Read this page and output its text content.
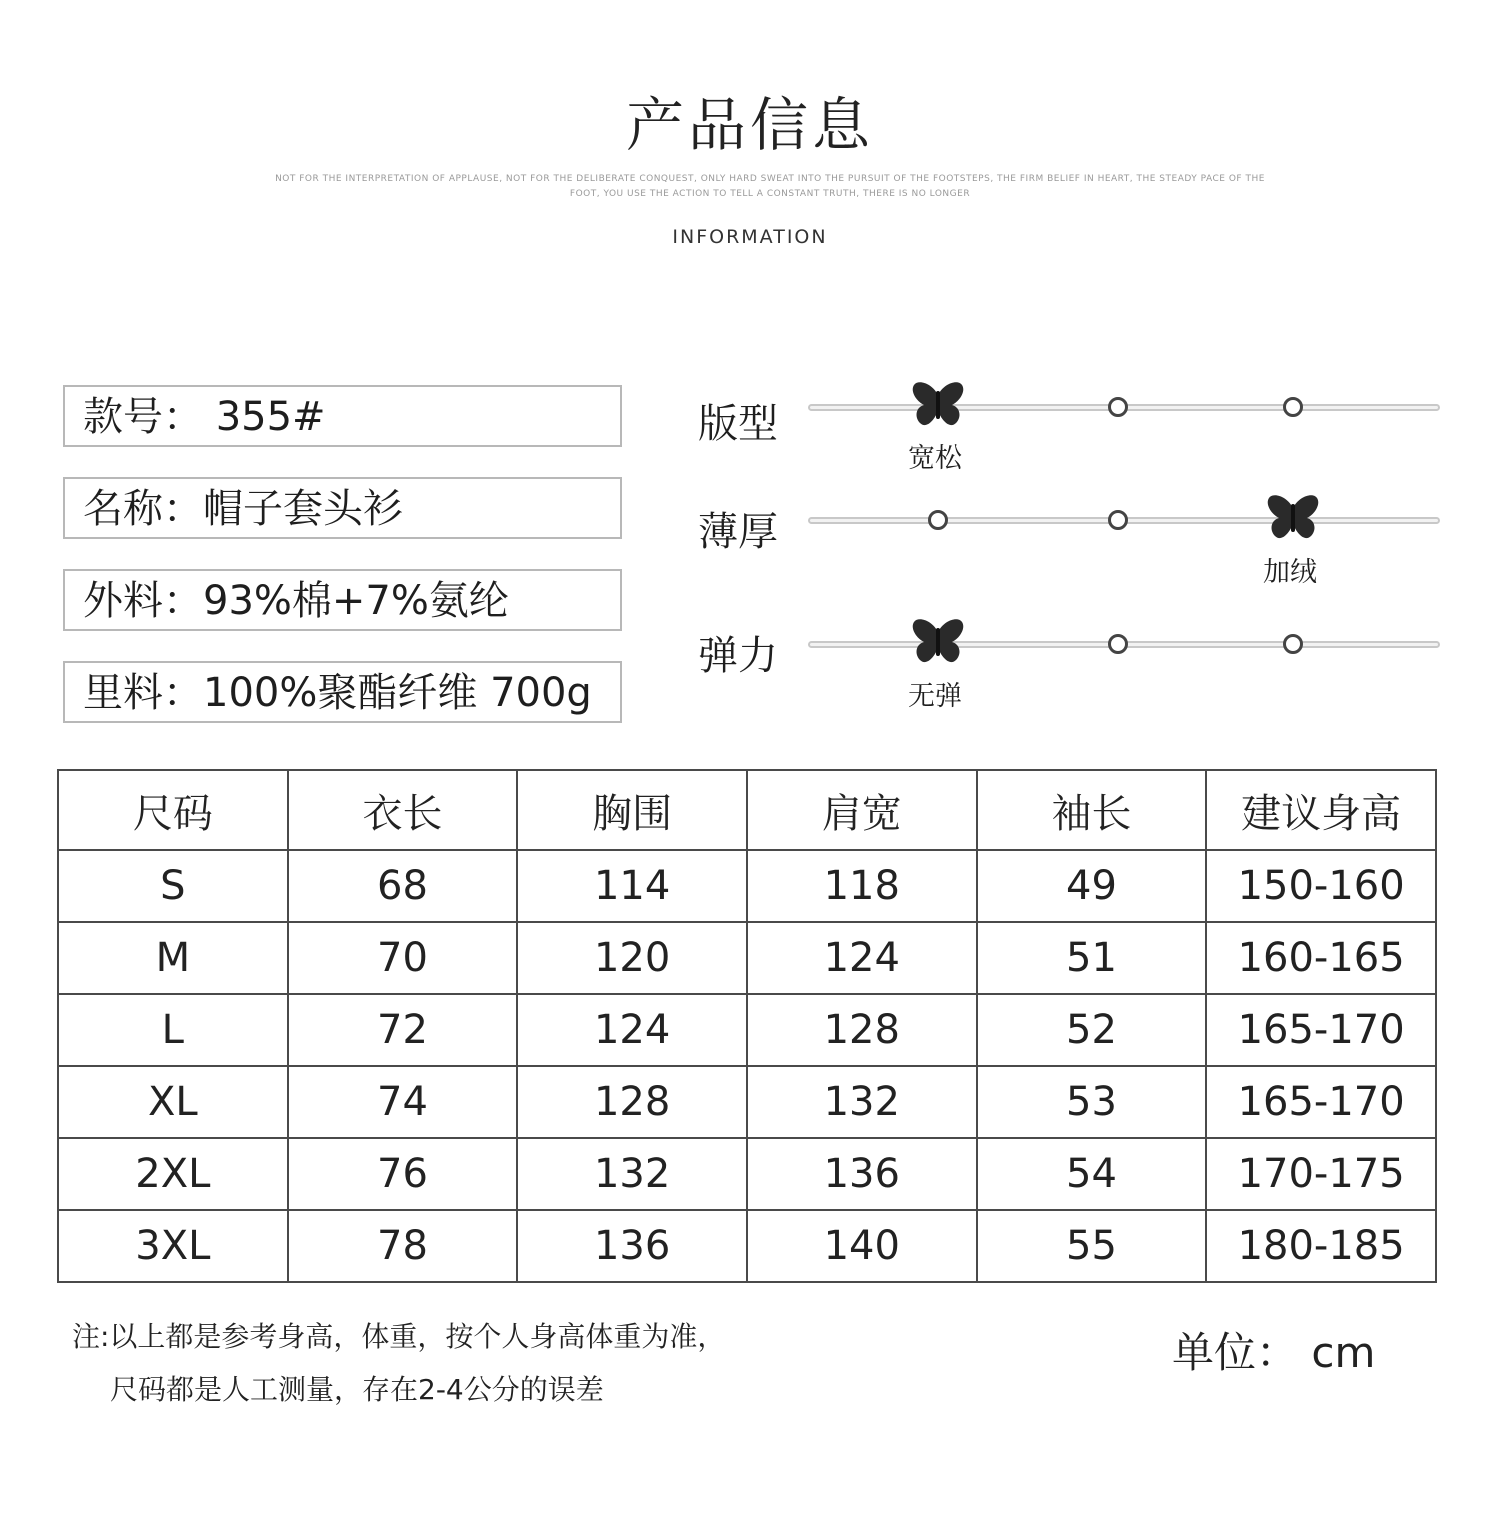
产品信息
NOT FOR THE INTERPRETATION OF APPLAUSE, NOT FOR THE DELIBERATE CONQUEST, ONLY HARD SWEAT INTO THE PURSUIT OF THE FOOTSTEPS, THE FIRM BELIEF IN HEART, THE STEADY PACE OF THE FOOT, YOU USE THE ACTION TO TELL A CONSTANT TRUTH, THERE IS NO LONGER
INFORMATION
款号： 355#
名称：帽子套头衫
外料：93%棉+7%氨纶
里料：100%聚酯纤维 700g
版型
薄厚
弹力
尺码	衣长	胸围	肩宽	袖长	建议身高
S	68	114	118	49	150-160
M	70	120	124	51	160-165
L	72	124	128	52	165-170
XL	74	128	132	53	165-170
2XL	76	132	136	54	170-175
3XL	78	136	140	55	180-185
注:以上都是参考身高，体重，按个人身高体重为准，
尺码都是人工测量，存在2-4公分的误差
单位： cm
宽松
加绒
无弹
